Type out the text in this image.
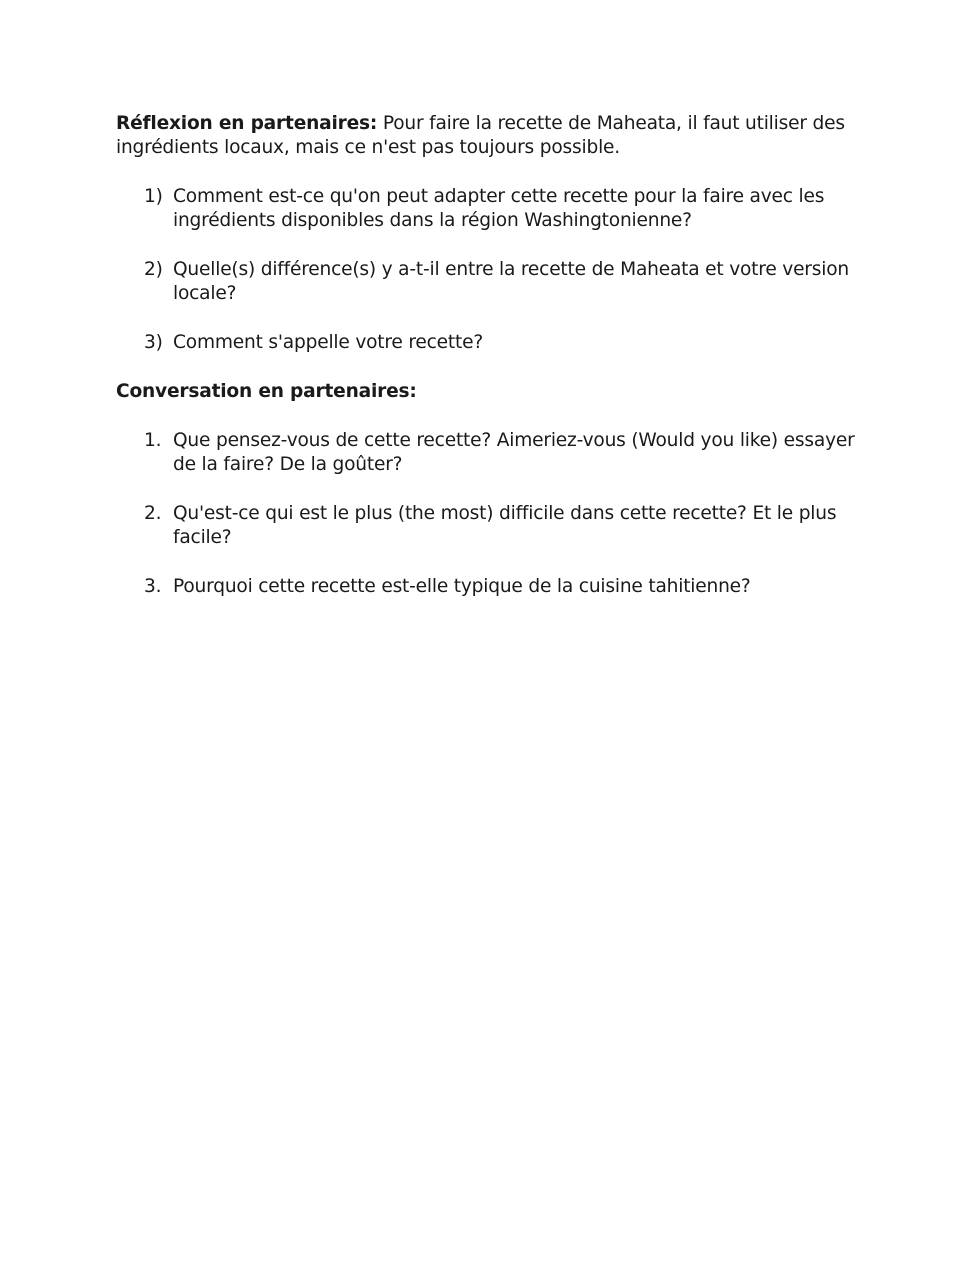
Réflexion en partenaires: Pour faire la recette de Maheata, il faut utiliser des ingrédients locaux, mais ce n'est pas toujours possible.

1) Comment est-ce qu'on peut adapter cette recette pour la faire avec les ingrédients disponibles dans la région Washingtonienne?
2) Quelle(s) différence(s) y a-t-il entre la recette de Maheata et votre version locale?
3) Comment s'appelle votre recette?

Conversation en partenaires:

1. Que pensez-vous de cette recette? Aimeriez-vous (Would you like) essayer de la faire? De la goûter?
2. Qu'est-ce qui est le plus (the most) difficile dans cette recette? Et le plus facile?
3. Pourquoi cette recette est-elle typique de la cuisine tahitienne?
